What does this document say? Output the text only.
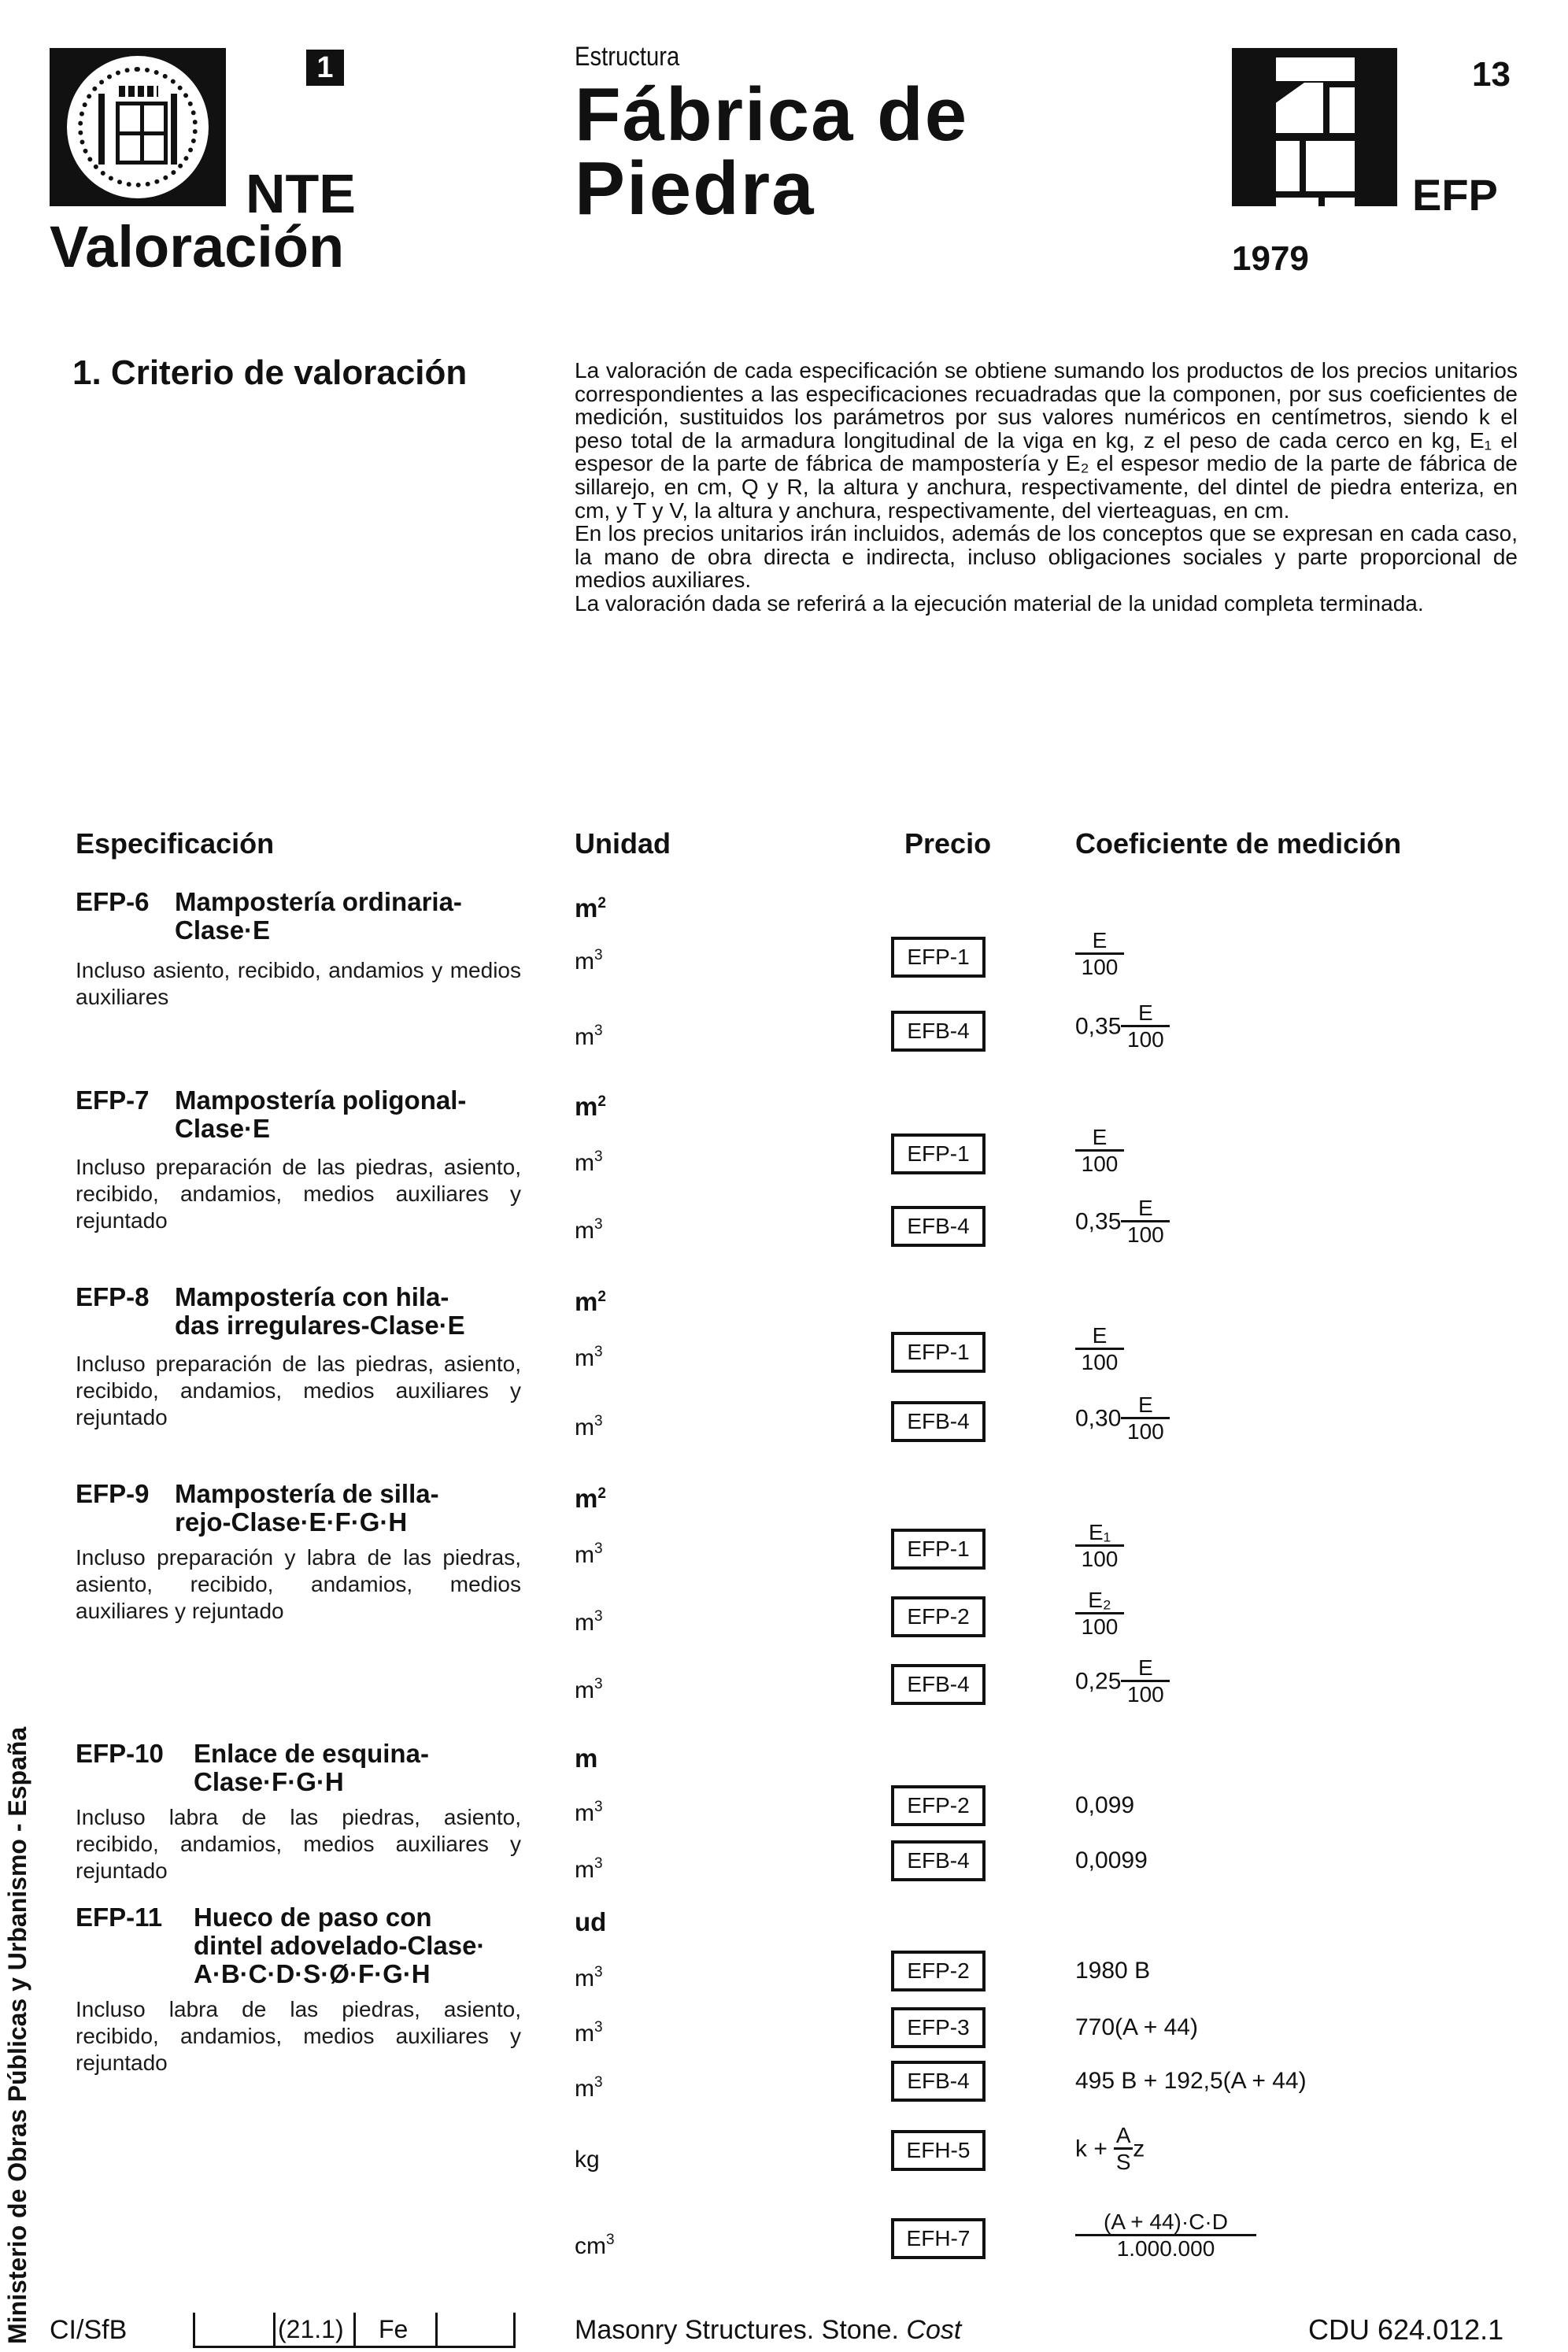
1
NTE
Valoración
Estructura
Fábrica de
Piedra
13
EFP
1979
1. Criterio de valoración	La valoración de cada especificación se obtiene sumando los productos de los precios unitarios correspondientes a las especificaciones recuadradas que la componen, por sus coeficientes de medición, sustituidos los parámetros por sus valores numéricos en centímetros, siendo k el peso total de la armadura longitudinal de la viga en kg, z el peso de cada cerco en kg, E₁ el espesor de la parte de fábrica de mampostería y E₂ el espesor medio de la parte de fábrica de sillarejo, en cm, Q y R, la altura y anchura, respectivamente, del dintel de piedra enteriza, en cm, y T y V, la altura y anchura, respectivamente, del vierteaguas, en cm.

En los precios unitarios irán incluidos, además de los conceptos que se expresan en cada caso, la mano de obra directa e indirecta, incluso obligaciones sociales y parte proporcional de medios auxiliares.

La valoración dada se referirá a la ejecución material de la unidad completa terminada.

Especificación	Unidad	Precio	Coeficiente de medición
EFP-6 Mampostería ordinaria-
Clase·E
Incluso asiento, recibido, andamios y medios auxiliares
$m^2$
$m^3$	EFP-1	$\frac{E}{100}$
$m^3$	EFB-4	$0,35 \frac{E}{100}$
EFP-7 Mampostería poligonal-
Clase·E
Incluso preparación de las piedras, asiento, recibido, andamios, medios auxiliares y rejuntado
$m^2$
$m^3$	EFP-1	$\frac{E}{100}$
$m^3$	EFB-4	$0,35 \frac{E}{100}$
EFP-8 Mampostería con hila-
das irregulares-Clase·E
Incluso preparación de las piedras, asiento, recibido, andamios, medios auxiliares y rejuntado
$m^2$
$m^3$	EFP-1	$\frac{E}{100}$
$m^3$	EFB-4	$0,30 \frac{E}{100}$
EFP-9 Mampostería de silla-
rejo-Clase·E·F·G·H
Incluso preparación y labra de las piedras, asiento, recibido, andamios, medios auxiliares y rejuntado
$m^2$
$m^3$	EFP-1	$\frac{\text{E₁}}{100}$
$m^3$	EFP-2	$\frac{\text{E₂}}{100}$
$m^3$	EFB-4	$0,25 \frac{E}{100}$
EFP-10 Enlace de esquina-
Clase·F·G·H
Incluso labra de las piedras, asiento, recibido, andamios, medios auxiliares y rejuntado
m
$m^3$	EFP-2	0,099
$m^3$	EFB-4	0,0099
EFP-11 Hueco de paso con
dintel adovelado-Clase·
A·B·C·D·S·Ø·F·G·H
Incluso labra de las piedras, asiento, recibido, andamios, medios auxiliares y rejuntado
ud
$m^3$	EFP-2	1980 B
$m^3$	EFP-3	770(A + 44)
$m^3$	EFB-4	495 B + 192,5(A + 44)
kg	EFH-5	$k + \frac{A}{S}$ z
$cm^3$	EFH-7	$\frac{(A + 44)\cdot C\cdot D}{1.000.000}$
Ministerio de Obras Públicas y Urbanismo - España CI/SfB	(21.1) Fe	Masonry Structures. Stone. Cost	CDU 624.012.1
